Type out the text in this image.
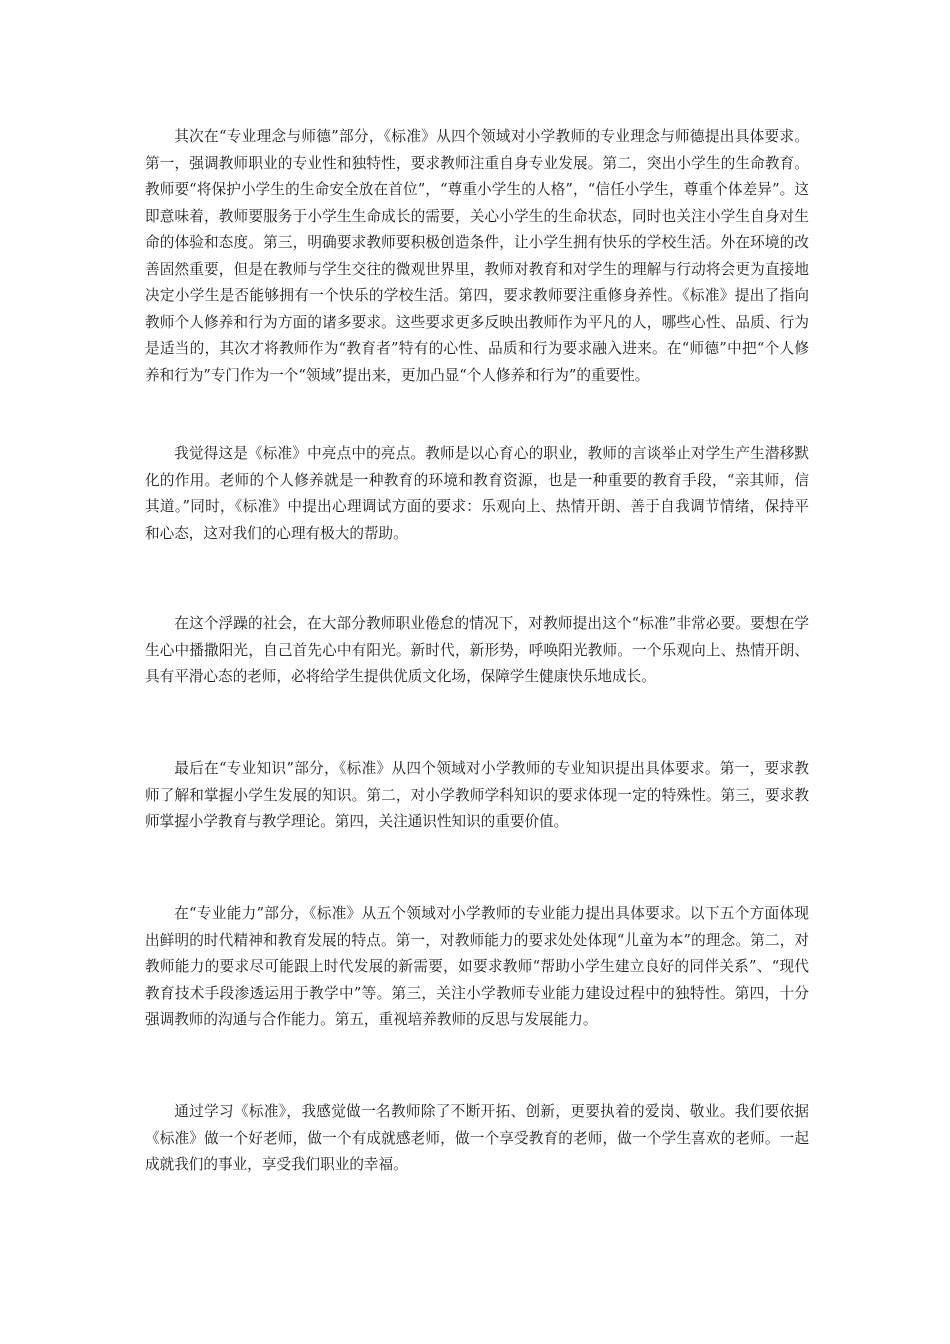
其次在“专业理念与师德”部分，《标准》从四个领域对小学教师的专业理念与师德提出具体要求。第一，强调教师职业的专业性和独特性，要求教师注重自身专业发展。第二，突出小学生的生命教育。教师要“将保护小学生的生命安全放在首位”，“尊重小学生的人格”，“信任小学生，尊重个体差异”。这即意味着，教师要服务于小学生生命成长的需要，关心小学生的生命状态，同时也关注小学生自身对生命的体验和态度。第三，明确要求教师要积极创造条件，让小学生拥有快乐的学校生活。外在环境的改善固然重要，但是在教师与学生交往的微观世界里，教师对教育和对学生的理解与行动将会更为直接地决定小学生是否能够拥有一个快乐的学校生活。第四，要求教师要注重修身养性。《标准》提出了指向教师个人修养和行为方面的诸多要求。这些要求更多反映出教师作为平凡的人，哪些心性、品质、行为是适当的，其次才将教师作为“教育者”特有的心性、品质和行为要求融入进来。在“师德”中把“个人修养和行为”专门作为一个“领域”提出来，更加凸显“个人修养和行为”的重要性。

我觉得这是《标准》中亮点中的亮点。教师是以心育心的职业，教师的言谈举止对学生产生潜移默化的作用。老师的个人修养就是一种教育的环境和教育资源，也是一种重要的教育手段，“亲其师，信其道。”同时，《标准》中提出心理调试方面的要求：乐观向上、热情开朗、善于自我调节情绪，保持平和心态，这对我们的心理有极大的帮助。

在这个浮躁的社会，在大部分教师职业倦怠的情况下，对教师提出这个“标准”非常必要。要想在学生心中播撒阳光，自己首先心中有阳光。新时代，新形势，呼唤阳光教师。一个乐观向上、热情开朗、具有平滑心态的老师，必将给学生提供优质文化场，保障学生健康快乐地成长。

最后在“专业知识”部分，《标准》从四个领域对小学教师的专业知识提出具体要求。第一，要求教师了解和掌握小学生发展的知识。第二，对小学教师学科知识的要求体现一定的特殊性。第三，要求教师掌握小学教育与教学理论。第四，关注通识性知识的重要价值。

在“专业能力”部分，《标准》从五个领域对小学教师的专业能力提出具体要求。以下五个方面体现出鲜明的时代精神和教育发展的特点。第一，对教师能力的要求处处体现“儿童为本”的理念。第二，对教师能力的要求尽可能跟上时代发展的新需要，如要求教师“帮助小学生建立良好的同伴关系”、“现代教育技术手段渗透运用于教学中”等。第三，关注小学教师专业能力建设过程中的独特性。第四，十分强调教师的沟通与合作能力。第五，重视培养教师的反思与发展能力。

通过学习《标准》，我感觉做一名教师除了不断开拓、创新，更要执着的爱岗、敬业。我们要依据《标准》做一个好老师，做一个有成就感老师，做一个享受教育的老师，做一个学生喜欢的老师。一起成就我们的事业，享受我们职业的幸福。
